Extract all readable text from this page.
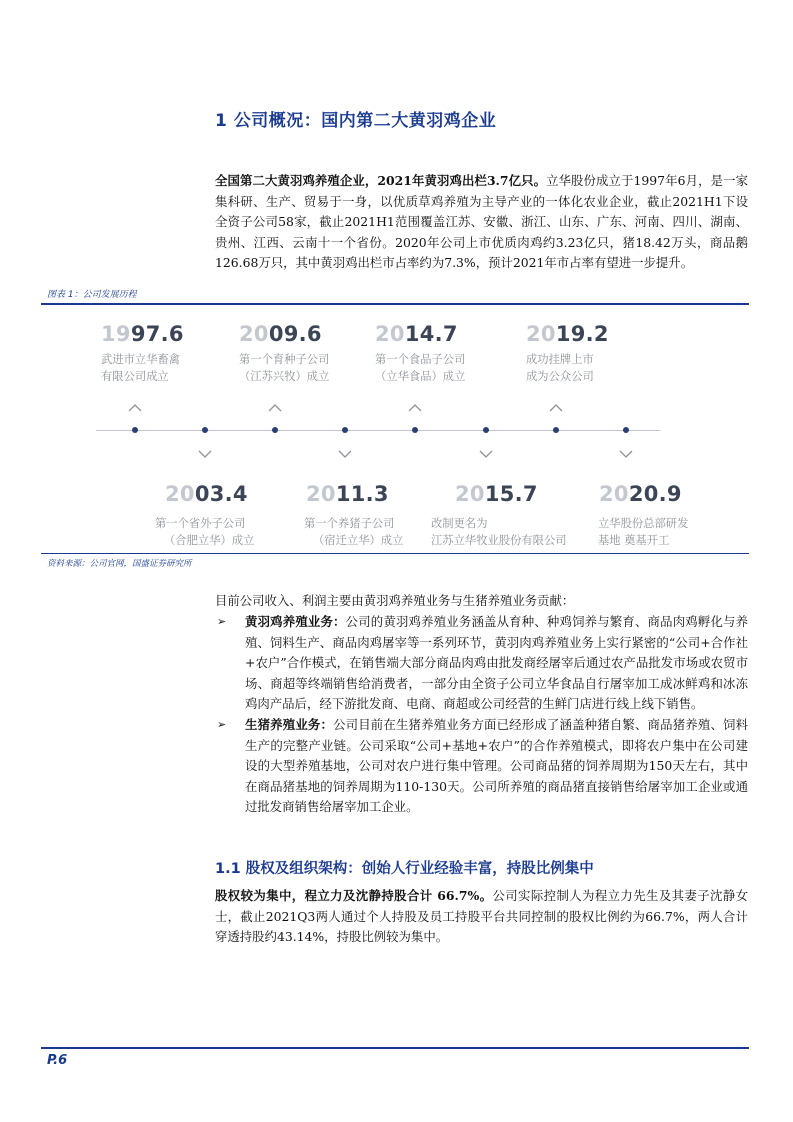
1 公司概况：国内第二大黄羽鸡企业

全国第二大黄羽鸡养殖企业，2021年黄羽鸡出栏3.7亿只。立华股份成立于1997年6月，是一家集科研、生产、贸易于一身，以优质草鸡养殖为主导产业的一体化农业企业，截止2021H1下设全资子公司58家，截止2021H1范围覆盖江苏、安徽、浙江、山东、广东、河南、四川、湖南、贵州、江西、云南十一个省份。2020年公司上市优质肉鸡约3.23亿只，猪18.42万头，商品鹅126.68万只，其中黄羽鸡出栏市占率约为7.3%，预计2021年市占率有望进一步提升。

图表 1：公司发展历程
1997.6
武进市立华畜禽
有限公司成立
2009.6
第一个育种子公司
（江苏兴牧）成立
2014.7
第一个食品子公司
（立华食品）成立
2019.2
成功挂牌上市
成为公众公司
2003.4
第一个省外子公司
（合肥立华）成立
2011.3
第一个养猪子公司
（宿迁立华）成立
2015.7
改制更名为
江苏立华牧业股份有限公司
2020.9
立华股份总部研发
基地 奠基开工
资料来源：公司官网，国盛证券研究所

目前公司收入、利润主要由黄羽鸡养殖业务与生猪养殖业务贡献：

➢ 黄羽鸡养殖业务：公司的黄羽鸡养殖业务涵盖从育种、种鸡饲养与繁育、商品肉鸡孵化与养殖、饲料生产、商品肉鸡屠宰等一系列环节，黄羽肉鸡养殖业务上实行紧密的“公司+合作社+农户”合作模式，在销售端大部分商品肉鸡由批发商经屠宰后通过农产品批发市场或农贸市场、商超等终端销售给消费者，一部分由全资子公司立华食品自行屠宰加工成冰鲜鸡和冰冻鸡肉产品后，经下游批发商、电商、商超或公司经营的生鲜门店进行线上线下销售。
➢ 生猪养殖业务：公司目前在生猪养殖业务方面已经形成了涵盖种猪自繁、商品猪养殖、饲料生产的完整产业链。公司采取“公司+基地+农户”的合作养殖模式，即将农户集中在公司建设的大型养殖基地，公司对农户进行集中管理。公司商品猪的饲养周期为150天左右，其中在商品猪基地的饲养周期为110-130天。公司所养殖的商品猪直接销售给屠宰加工企业或通过批发商销售给屠宰加工企业。
1.1 股权及组织架构：创始人行业经验丰富，持股比例集中

股权较为集中，程立力及沈静持股合计 66.7%。公司实际控制人为程立力先生及其妻子沈静女士，截止2021Q3两人通过个人持股及员工持股平台共同控制的股权比例约为66.7%，两人合计穿透持股约43.14%，持股比例较为集中。

P.6
